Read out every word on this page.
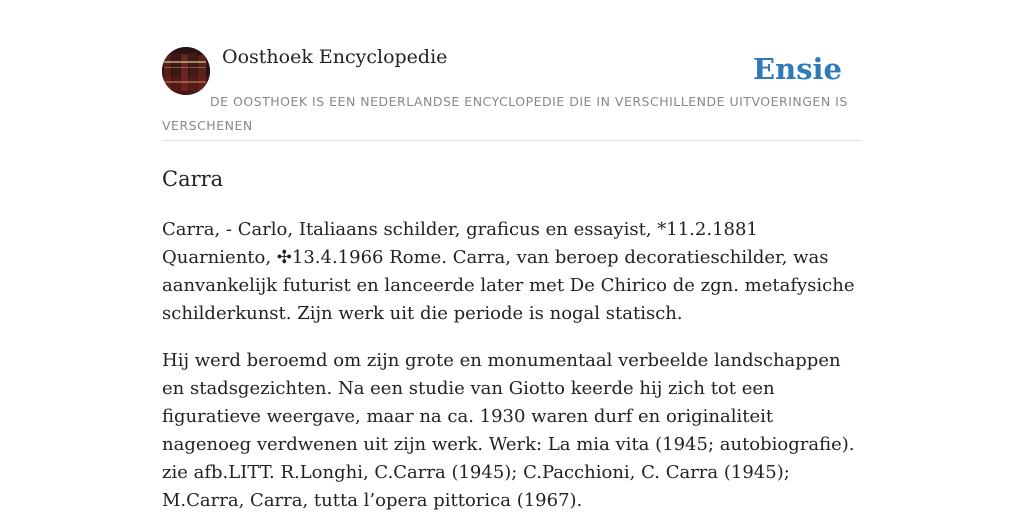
Oosthoek Encyclopedie	Ensie
DE OOSTHOEK IS EEN NEDERLANDSE ENCYCLOPEDIE DIE IN VERSCHILLENDE UITVOERINGEN IS VERSCHENEN
Carra

Carra, - Carlo, Italiaans schilder, graficus en essayist, *11.2.1881 Quarniento, ✣13.4.1966 Rome. Carra, van beroep decoratieschilder, was aanvankelijk futurist en lanceerde later met De Chirico de zgn. metafysiche schilderkunst. Zijn werk uit die periode is nogal statisch.

Hij werd beroemd om zijn grote en monumentaal verbeelde landschappen en stadsgezichten. Na een studie van Giotto keerde hij zich tot een figuratieve weergave, maar na ca. 1930 waren durf en originaliteit nagenoeg verdwenen uit zijn werk. Werk: La mia vita (1945; autobiografie). zie afb.LITT. R.Longhi, C.Carra (1945); C.Pacchioni, C. Carra (1945); M.Carra, Carra, tutta l’opera pittorica (1967).
